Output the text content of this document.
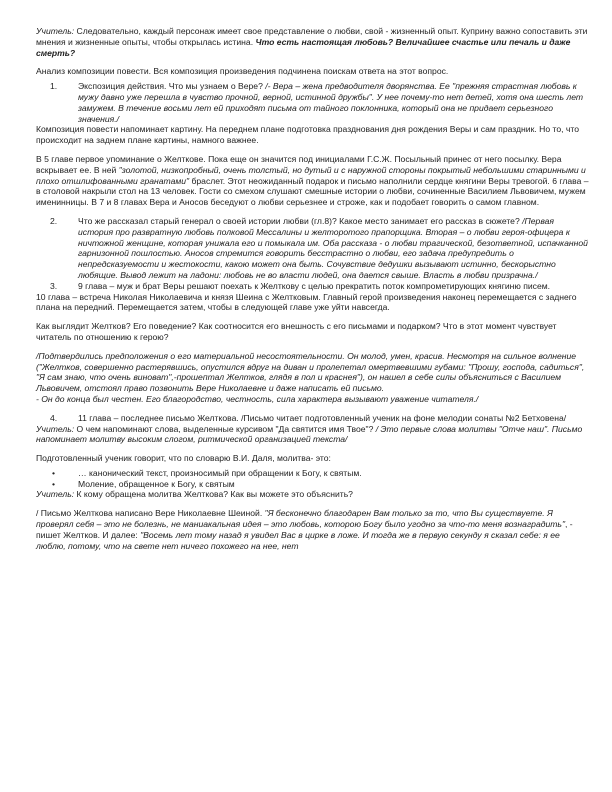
Учитель: Следовательно, каждый персонаж имеет свое представление о любви, свой - жизненный опыт. Куприну важно сопоставить эти мнения и жизненные опыты, чтобы открылась истина. Что есть настоящая любовь? Величайшее счастье или печаль и даже смерть?

Анализ композиции повести. Вся композиция произведения подчинена поискам ответа на этот вопрос.

1. Экспозиция действия. Что мы узнаем о Вере? /- Вера – жена предводителя дворянства. Ее "прежняя страстная любовь к мужу давно уже перешла в чувство прочной, верной, истинной дружбы". У нее почему-то нет детей, хотя она шесть лет замужем. В течение восьми лет ей приходят письма от тайного поклонника, который она не придает серьезного значения./

Композиция повести напоминает картину. На переднем плане подготовка празднования дня рождения Веры и сам праздник. Но то, что происходит на заднем плане картины, намного важнее.

В 5 главе первое упоминание о Желткове. Пока еще он значится под инициалами Г.С.Ж. Посыльный принес от него посылку. Вера вскрывает ее. В ней "золотой, низкопробный, очень толстый, но дутый и с наружной стороны покрытый небольшими старинными и плохо отшлифованными гранатами" браслет. Этот неожиданный подарок и письмо наполнили сердце княгини Веры тревогой. 6 глава – в столовой накрыли стол на 13 человек. Гости со смехом слушают смешные истории о любви, сочиненные Василием Львовичем, мужем именинницы. В 7 и 8 главах Вера и Аносов беседуют о любви серьезнее и строже, как и подобает говорить о самом главном.

2. Что же рассказал старый генерал о своей истории любви (гл.8)? Какое место занимает его рассказ в сюжете? /Первая история про развратную любовь полковой Мессалины и желторотого прапорщика. Вторая – о любви героя-офицера к ничтожной женщине, которая унижала его и помыкала им. Оба рассказа - о любви трагической, безответной, испачканной гарнизонной пошлостью. Аносов стремится говорить бесстрастно о любви, его задача предупредить о непредсказуемости и жестокости, какою может она быть. Сочувствие дедушки вызывают истинно, бескорыстно любящие. Вывод лежит на ладони: любовь не во власти людей, она дается свыше. Власть в любви призрачна./
3. 9 глава – муж и брат Веры решают поехать к Желткову с целью прекратить поток компрометирующих княгиню писем.

10 глава – встреча Николая Николаевича и князя Шеина с Желтковым. Главный герой произведения наконец перемещается с заднего плана на передний. Перемещается затем, чтобы в следующей главе уже уйти навсегда.

Как выглядит Желтков? Его поведение? Как соотносится его внешность с его письмами и подарком? Что в этот момент чувствует читатель по отношению к герою?

/Подтвердились предположения о его материальной несостоятельности. Он молод, умен, красив. Несмотря на сильное волнение ("Желтков, совершенно растерявшись, опустился вдруг на диван и пролепетал омертвевшими губами: "Прошу, господа, садиться", "Я сам знаю, что очень виноват",-прошептал Желтков, глядя в пол и краснея"), он нашел в себе силы объясниться с Василием Львовичем, отстоял право позвонить Вере Николаевне и даже написать ей письмо.

- Он до конца был честен. Его благородство, честность, сила характера вызывают уважение читателя./

4. 11 глава – последнее письмо Желткова. /Письмо читает подготовленный ученик на фоне мелодии сонаты №2 Бетховена/

Учитель: О чем напоминают слова, выделенные курсивом "Да святится имя Твое"? / Это первые слова молитвы "Отче наш". Письмо напоминает молитву высоким слогом, ритмической организацией текста/

Подготовленный ученик говорит, что по словарю В.И. Даля, молитва- это:

•	… канонический текст, произносимый при обращении к Богу, к святым.
•	Моление, обращенное к Богу, к святым

Учитель: К кому обращена молитва Желткова? Как вы можете это объяснить?

/ Письмо Желткова написано Вере Николаевне Шеиной. "Я бесконечно благодарен Вам только за то, что Вы существуете. Я проверял себя – это не болезнь, не маниакальная идея – это любовь, которою Богу было угодно за что-то меня вознаградить", - пишет Желтков. И далее: "Восемь лет тому назад я увидел Вас в цирке в ложе. И тогда же в первую секунду я сказал себе: я ее люблю, потому, что на свете нет ничего похожего на нее, нет
